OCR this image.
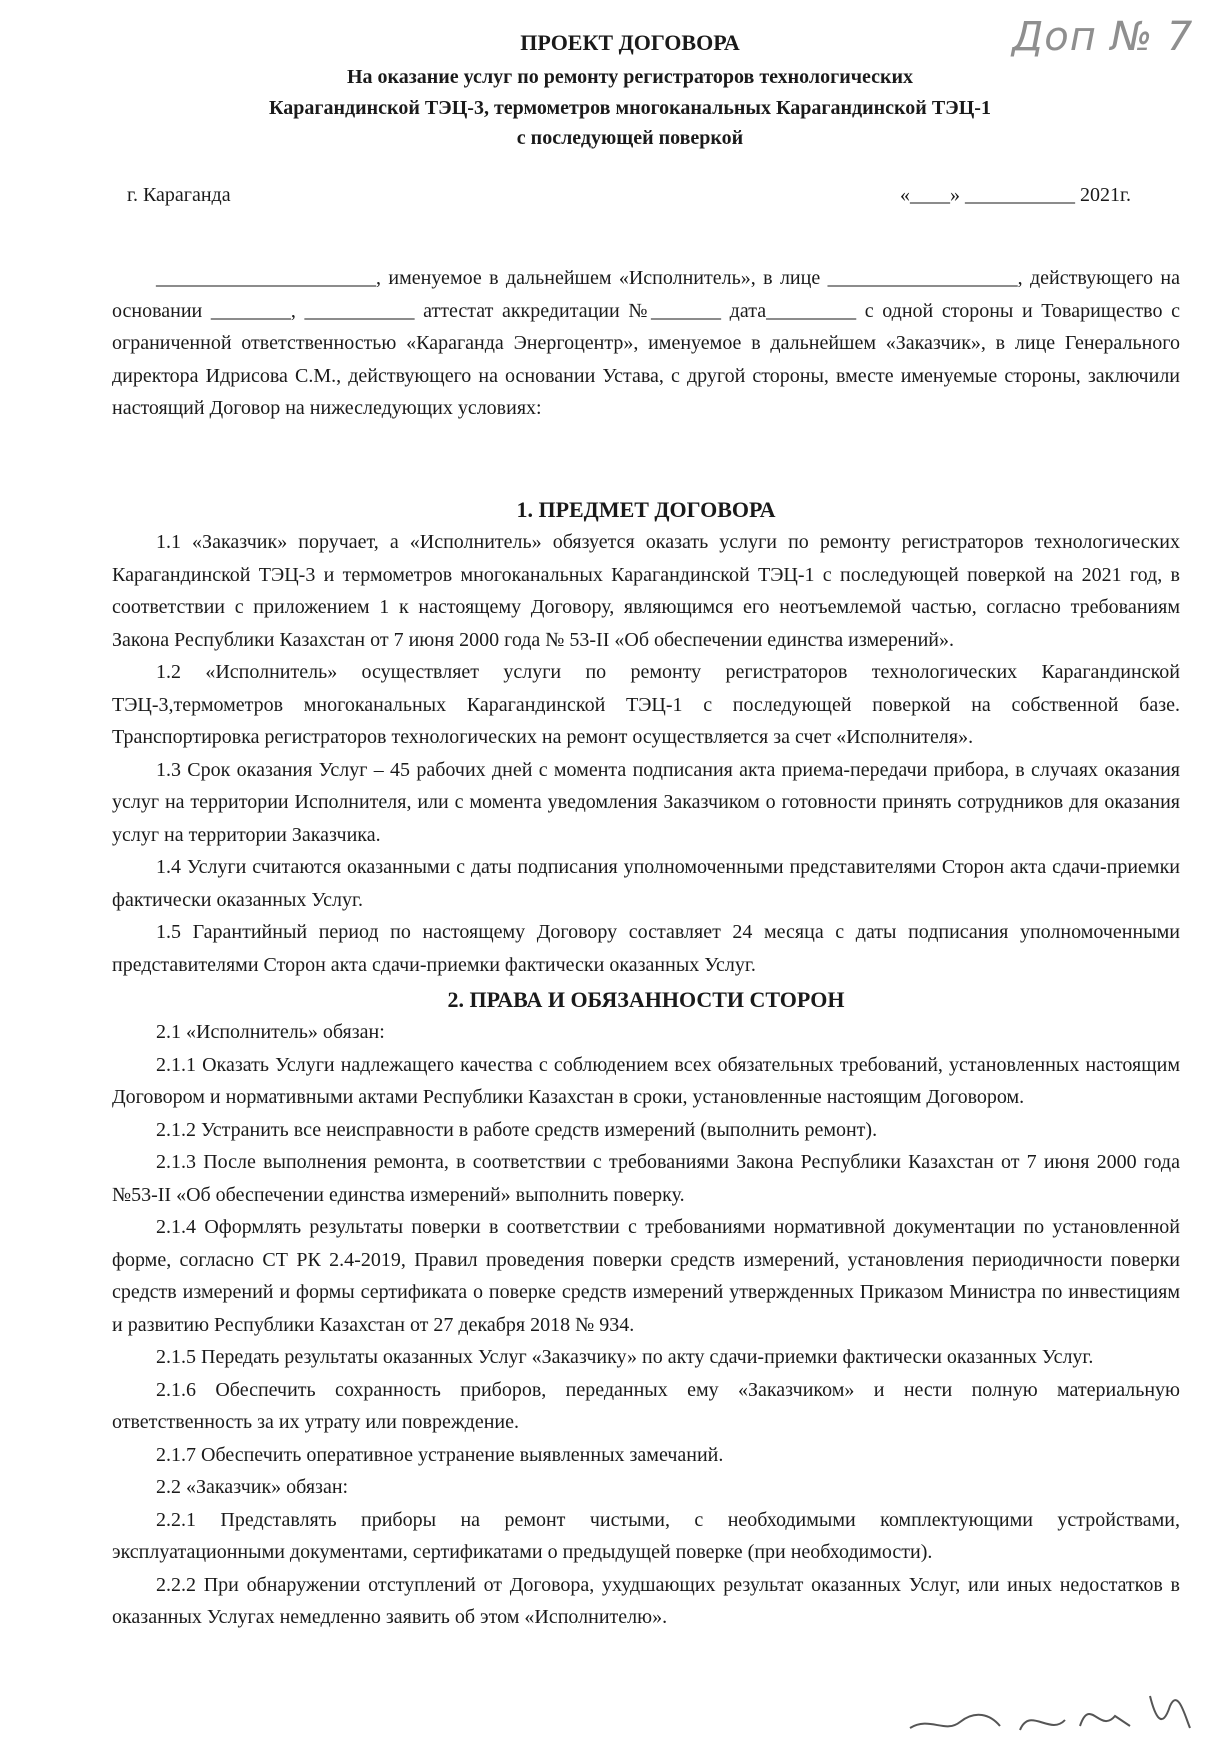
Доп № 7
ПРОЕКТ ДОГОВОРА
На оказание услуг по ремонту регистраторов технологических
Карагандинской ТЭЦ-3, термометров многоканальных Карагандинской ТЭЦ-1
с последующей поверкой
г. Караганда	«____» ___________ 2021г.

______________________, именуемое в дальнейшем «Исполнитель», в лице ___________________, действующего на основании ________, ___________ аттестат аккредитации №_______ дата_________ с одной стороны и Товарищество с ограниченной ответственностью «Караганда Энергоцентр», именуемое в дальнейшем «Заказчик», в лице Генерального директора Идрисова С.М., действующего на основании Устава, с другой стороны, вместе именуемые стороны, заключили настоящий Договор на нижеследующих условиях:

1. ПРЕДМЕТ ДОГОВОРА

1.1 «Заказчик» поручает, а «Исполнитель» обязуется оказать услуги по ремонту регистраторов технологических Карагандинской ТЭЦ-3 и термометров многоканальных Карагандинской ТЭЦ-1 с последующей поверкой на 2021 год, в соответствии с приложением 1 к настоящему Договору, являющимся его неотъемлемой частью, согласно требованиям Закона Республики Казахстан от 7 июня 2000 года № 53-II «Об обеспечении единства измерений».

1.2 «Исполнитель» осуществляет услуги по ремонту регистраторов технологических Карагандинской ТЭЦ-3,термометров многоканальных Карагандинской ТЭЦ-1 с последующей поверкой на собственной базе. Транспортировка регистраторов технологических на ремонт осуществляется за счет «Исполнителя».

1.3 Срок оказания Услуг – 45 рабочих дней с момента подписания акта приема-передачи прибора, в случаях оказания услуг на территории Исполнителя, или с момента уведомления Заказчиком о готовности принять сотрудников для оказания услуг на территории Заказчика.

1.4 Услуги считаются оказанными с даты подписания уполномоченными представителями Сторон акта сдачи-приемки фактически оказанных Услуг.

1.5 Гарантийный период по настоящему Договору составляет 24 месяца с даты подписания уполномоченными представителями Сторон акта сдачи-приемки фактически оказанных Услуг.

2. ПРАВА И ОБЯЗАННОСТИ СТОРОН

2.1 «Исполнитель» обязан:

2.1.1 Оказать Услуги надлежащего качества с соблюдением всех обязательных требований, установленных настоящим Договором и нормативными актами Республики Казахстан в сроки, установленные настоящим Договором.

2.1.2 Устранить все неисправности в работе средств измерений (выполнить ремонт).

2.1.3 После выполнения ремонта, в соответствии с требованиями Закона Республики Казахстан от 7 июня 2000 года №53-II «Об обеспечении единства измерений» выполнить поверку.

2.1.4 Оформлять результаты поверки в соответствии с требованиями нормативной документации по установленной форме, согласно СТ РК 2.4-2019, Правил проведения поверки средств измерений, установления периодичности поверки средств измерений и формы сертификата о поверке средств измерений утвержденных Приказом Министра по инвестициям и развитию Республики Казахстан от 27 декабря 2018 № 934.

2.1.5 Передать результаты оказанных Услуг «Заказчику» по акту сдачи-приемки фактически оказанных Услуг.

2.1.6 Обеспечить сохранность приборов, переданных ему «Заказчиком» и нести полную материальную ответственность за их утрату или повреждение.

2.1.7 Обеспечить оперативное устранение выявленных замечаний.

2.2 «Заказчик» обязан:

2.2.1 Представлять приборы на ремонт чистыми, с необходимыми комплектующими устройствами, эксплуатационными документами, сертификатами о предыдущей поверке (при необходимости).

2.2.2 При обнаружении отступлений от Договора, ухудшающих результат оказанных Услуг, или иных недостатков в оказанных Услугах немедленно заявить об этом «Исполнителю».
